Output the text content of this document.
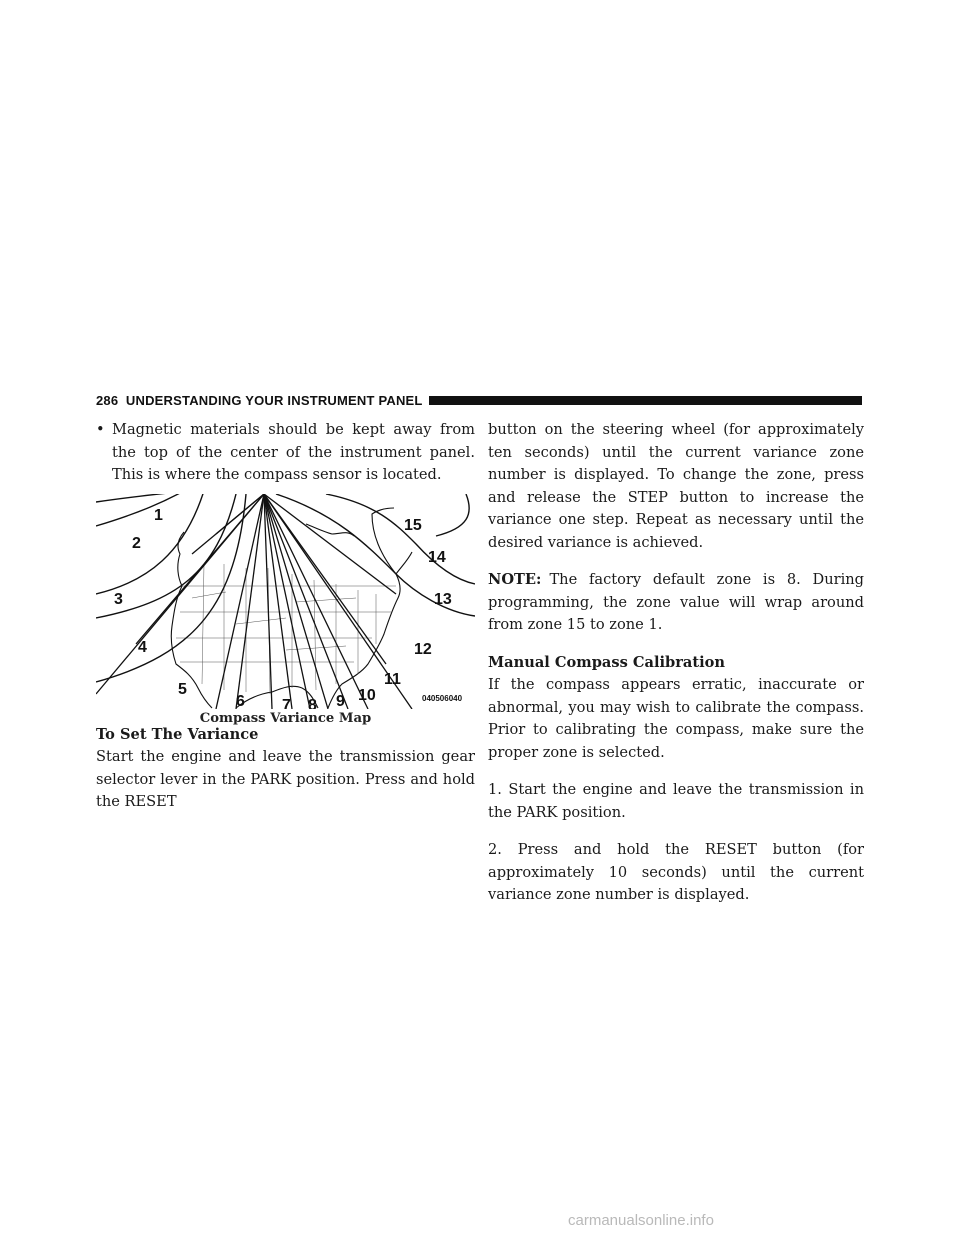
286 UNDERSTANDING YOUR INSTRUMENT PANEL
• Magnetic materials should be kept away from the top of the center of the instrument panel. This is where the compass sensor is located.
1
2
3
4
5
6 7 8 9 10
11
12
13
14
15
040506040
Compass Variance Map
To Set The Variance

Start the engine and leave the transmission gear selector lever in the PARK position. Press and hold the RESET

button on the steering wheel (for approximately ten seconds) until the current variance zone number is displayed. To change the zone, press and release the STEP button to increase the variance one step. Repeat as necessary until the desired variance is achieved.

NOTE: The factory default zone is 8. During programming, the zone value will wrap around from zone 15 to zone 1.

Manual Compass Calibration

If the compass appears erratic, inaccurate or abnormal, you may wish to calibrate the compass. Prior to calibrating the compass, make sure the proper zone is selected.

1. Start the engine and leave the transmission in the PARK position.

2. Press and hold the RESET button (for approximately 10 seconds) until the current variance zone number is displayed.

carmanualsonline.info
